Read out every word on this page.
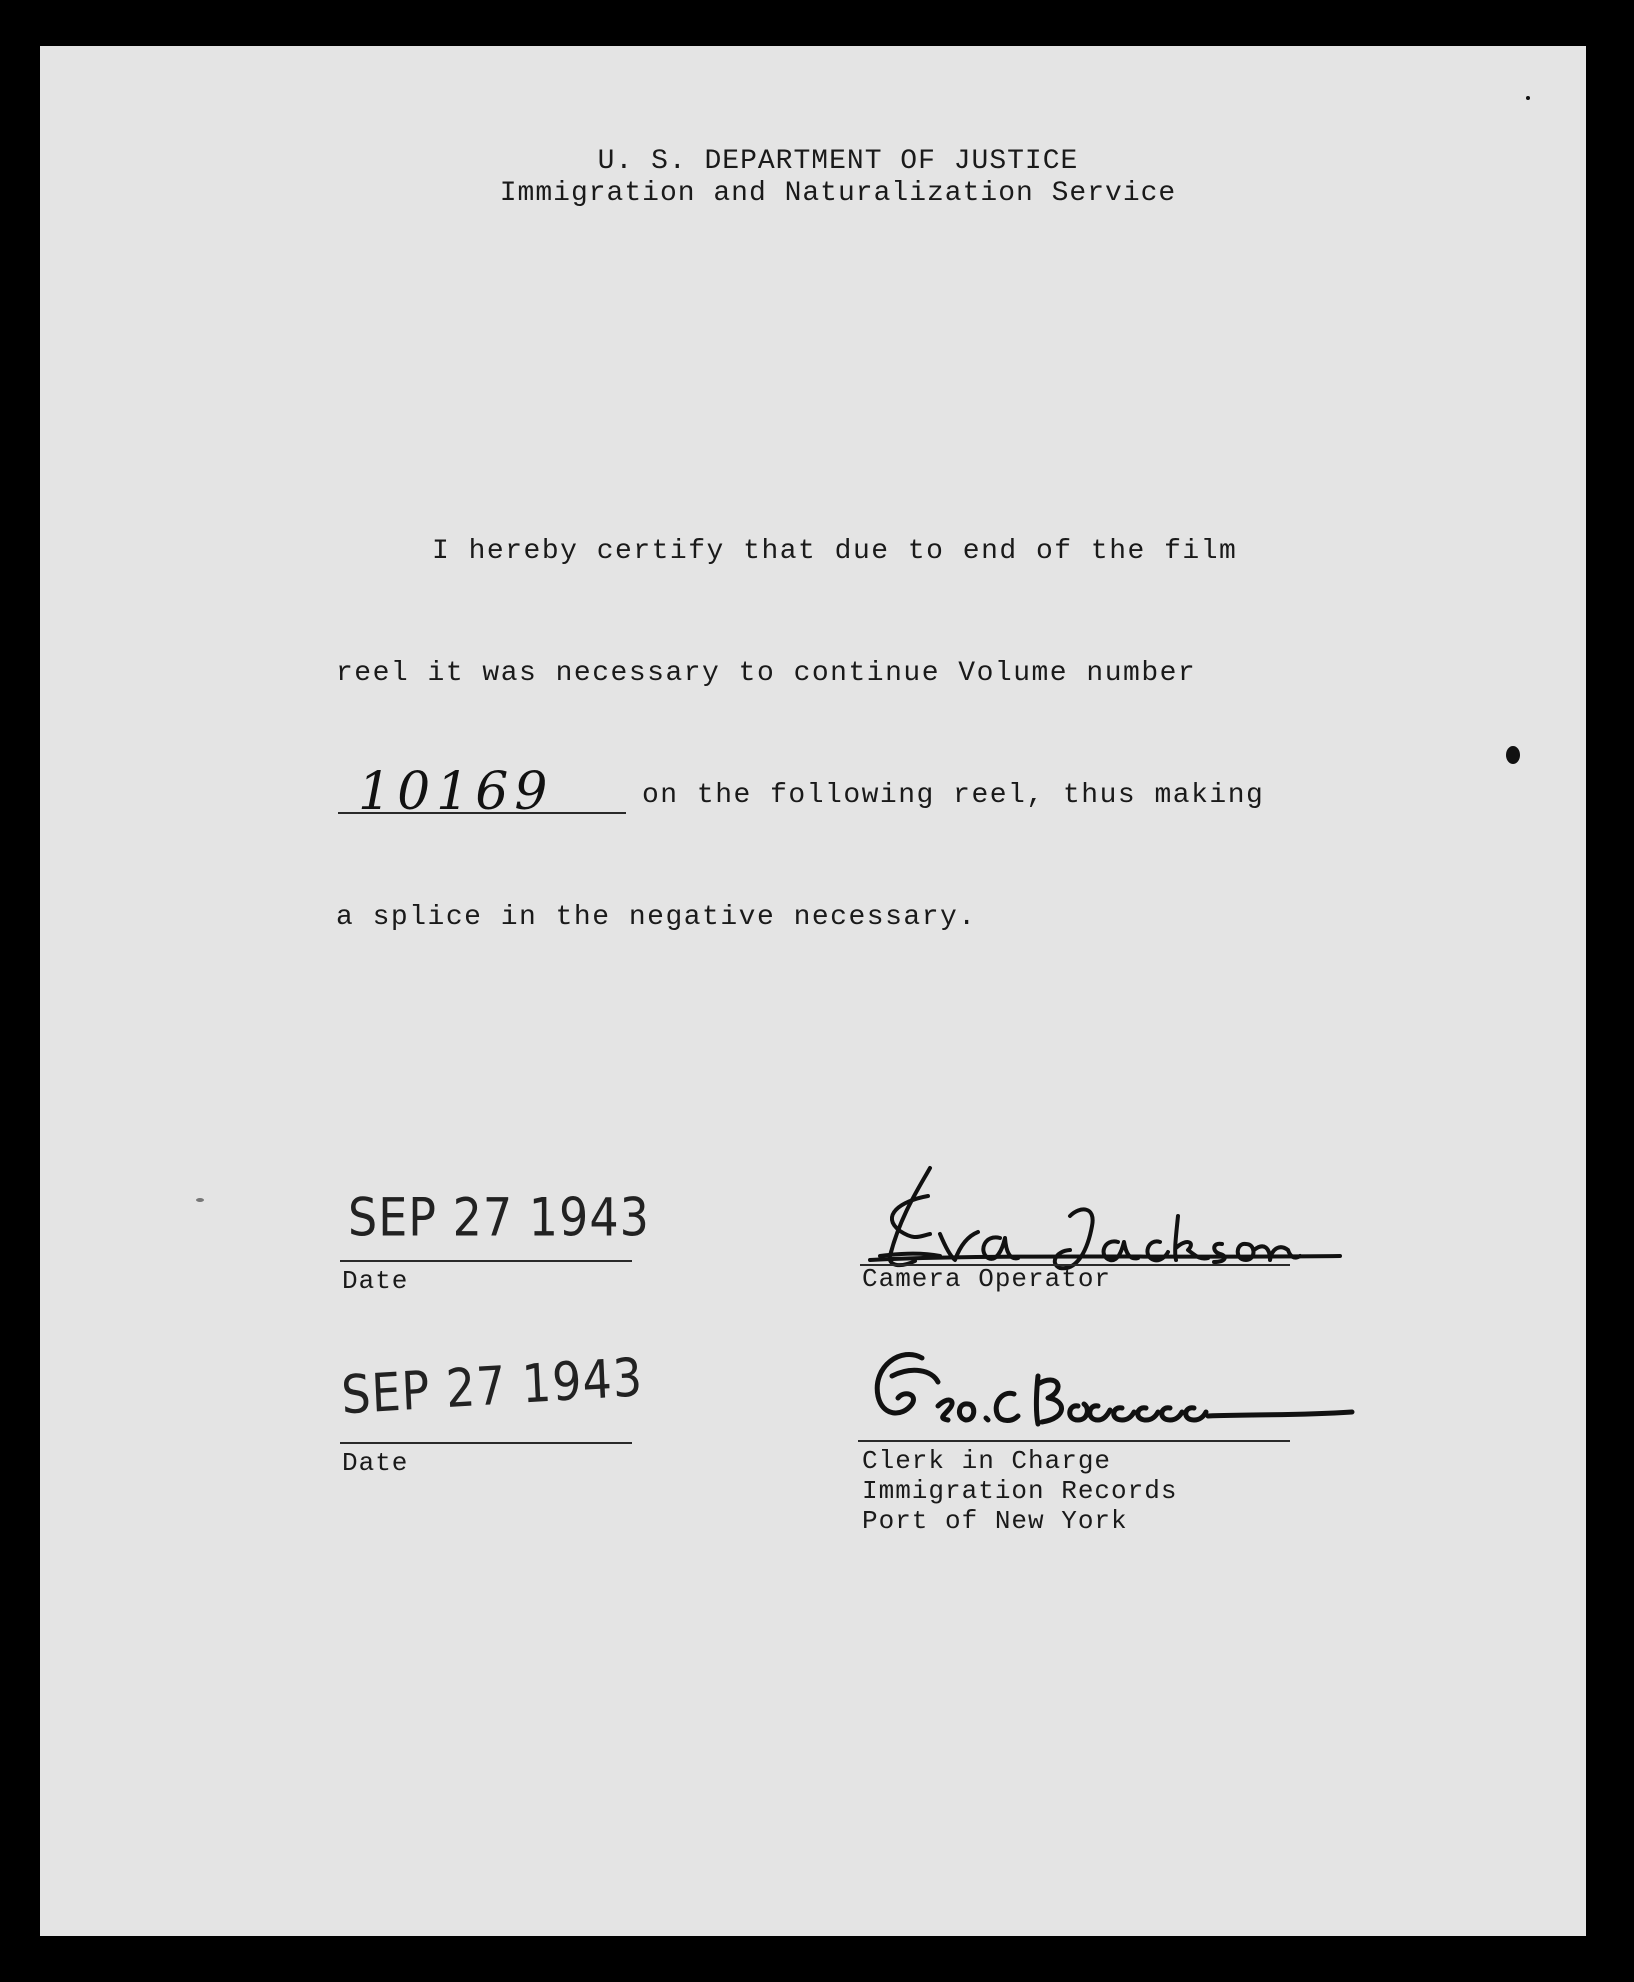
U. S. DEPARTMENT OF JUSTICE
Immigration and Naturalization Service
I hereby certify that due to end of the film
reel it was necessary to continue Volume number
10169	on the following reel, thus making
a splice in the negative necessary.
SEP 27 1943
Date
SEP 27 1943
Date
Camera Operator
Clerk in Charge
Immigration Records
Port of New York
